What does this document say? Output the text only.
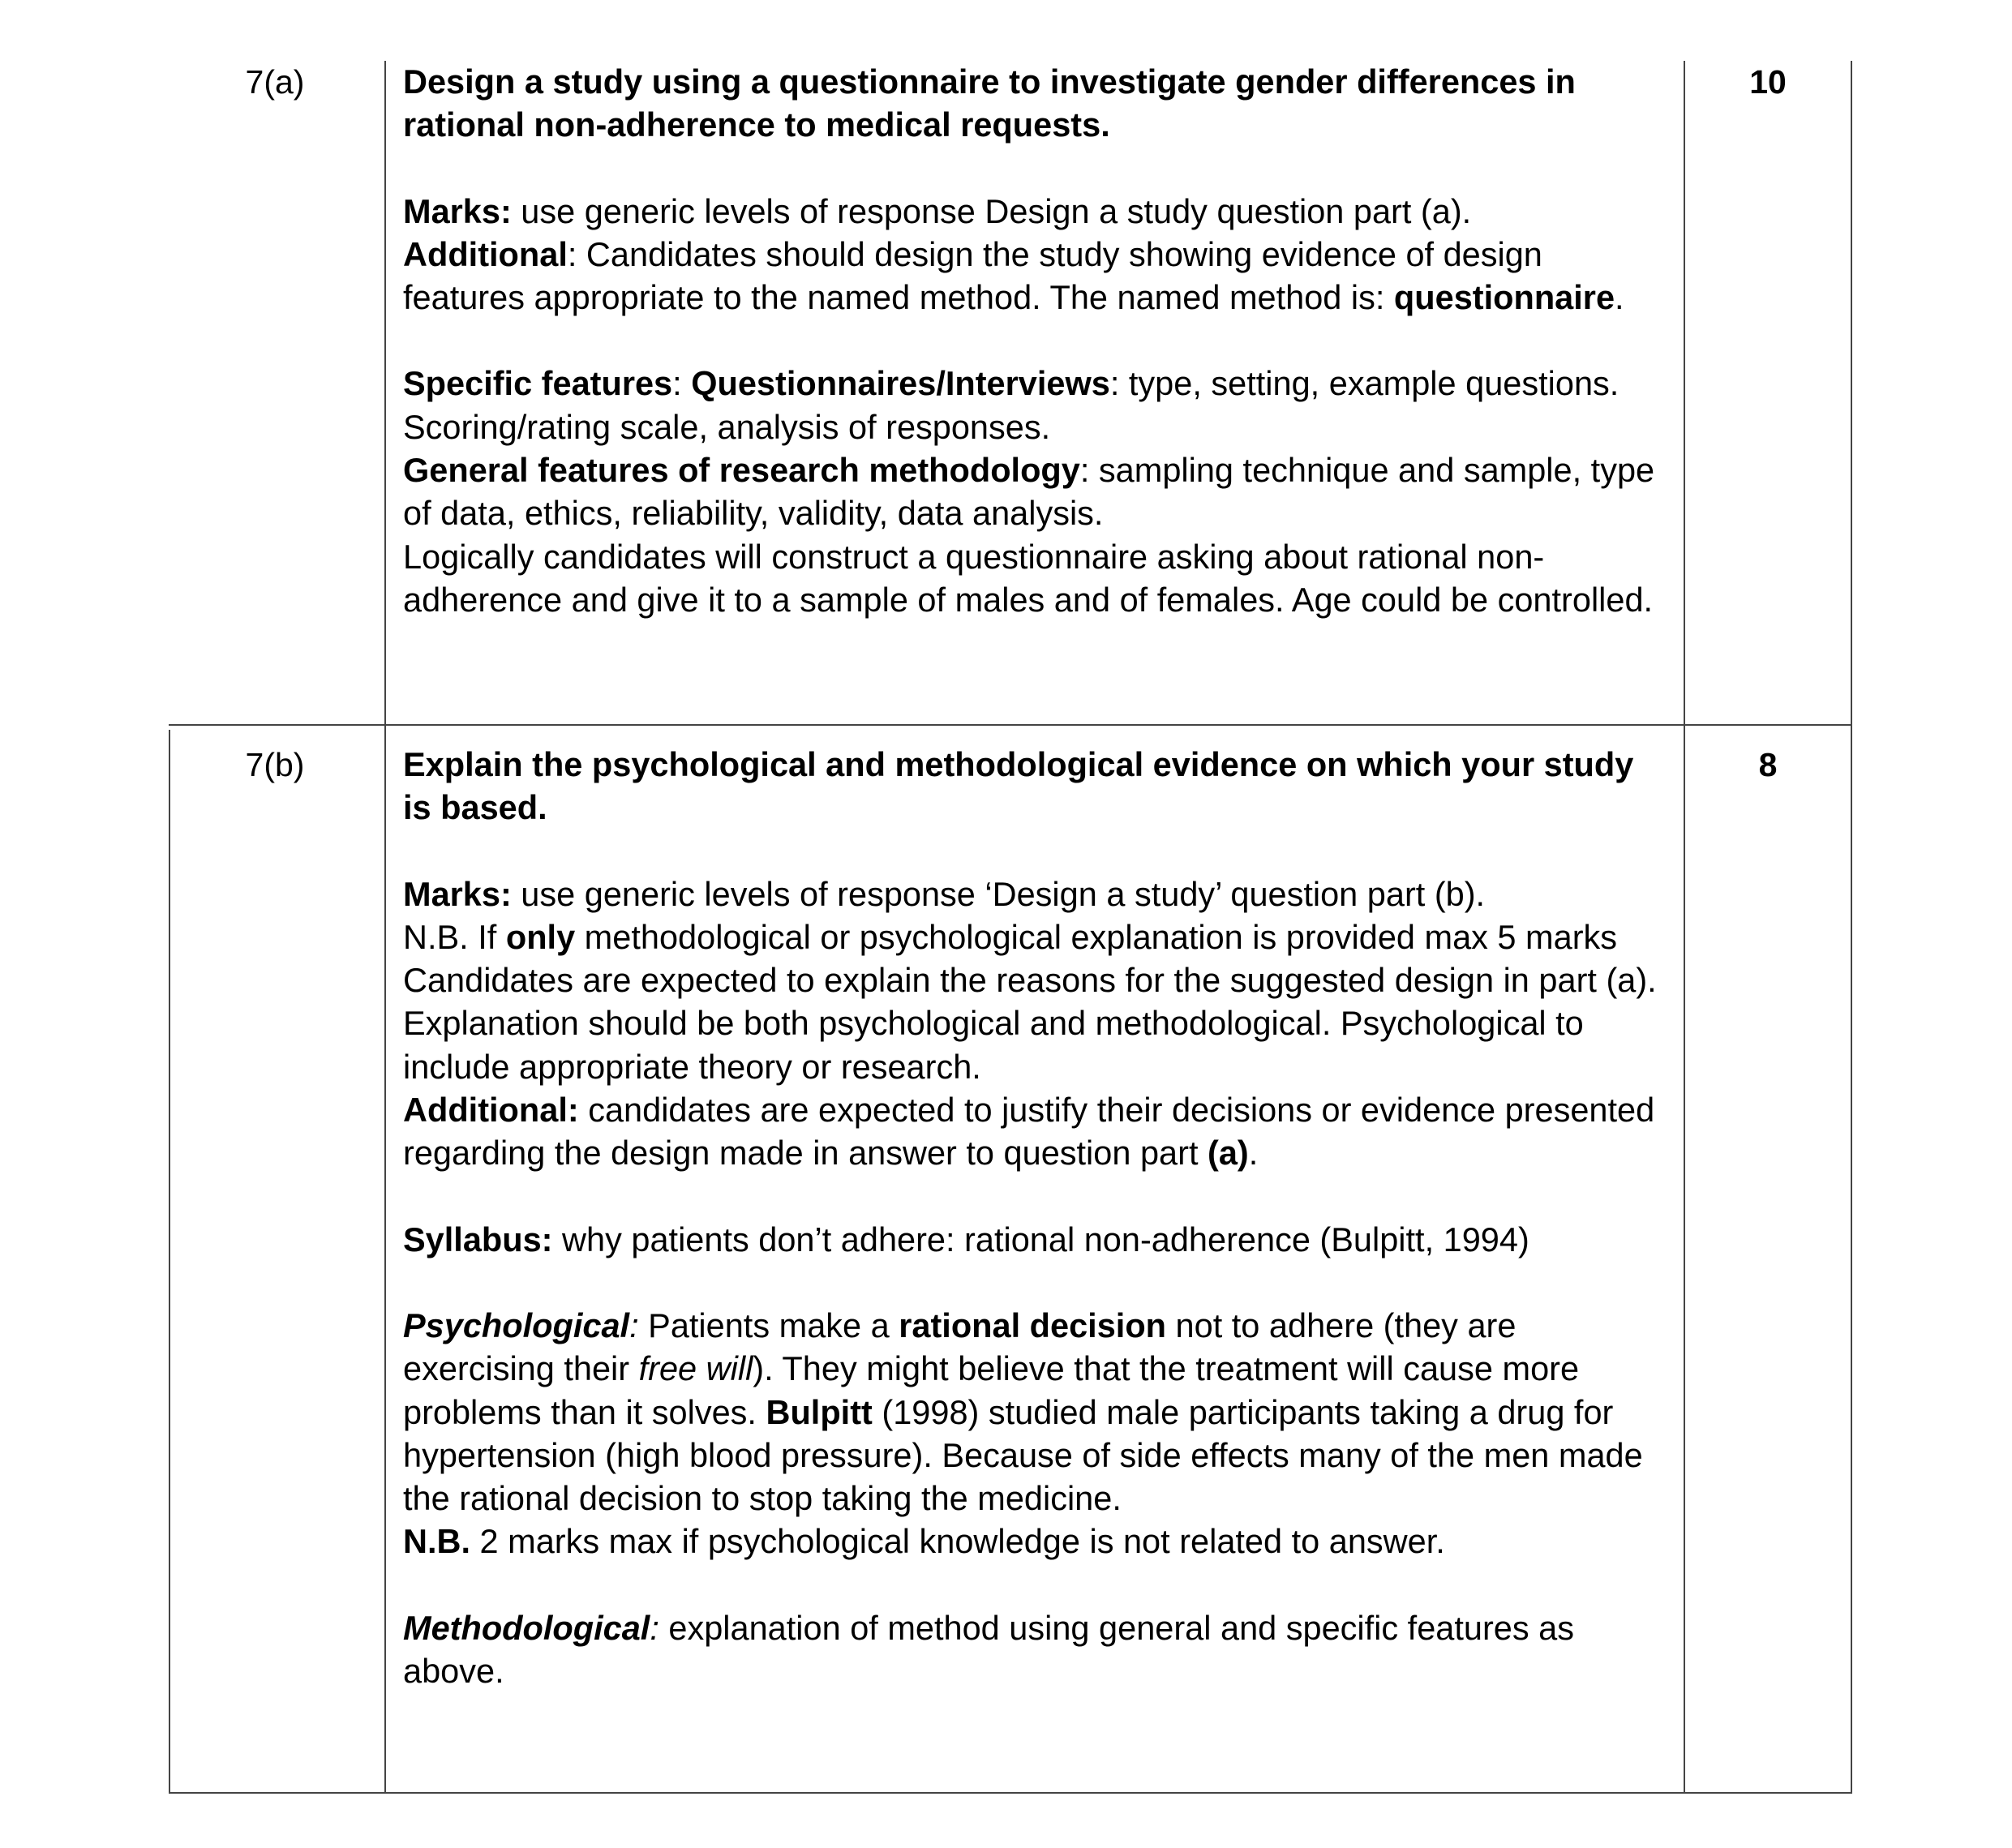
7(a)	10

Design a study using a questionnaire to investigate gender differences in rational non-adherence to medical requests.

Marks: use generic levels of response Design a study question part (a).

Additional: Candidates should design the study showing evidence of design features appropriate to the named method. The named method is: questionnaire.

Specific features: Questionnaires/Interviews: type, setting, example questions. Scoring/rating scale, analysis of responses.

General features of research methodology: sampling technique and sample, type of data, ethics, reliability, validity, data analysis.

Logically candidates will construct a questionnaire asking about rational non-adherence and give it to a sample of males and of females. Age could be controlled.

7(b)	8

Explain the psychological and methodological evidence on which your study is based.

Marks: use generic levels of response ‘Design a study’ question part (b).

N.B. If only methodological or psychological explanation is provided max 5 marks

Candidates are expected to explain the reasons for the suggested design in part (a). Explanation should be both psychological and methodological. Psychological to include appropriate theory or research.

Additional: candidates are expected to justify their decisions or evidence presented regarding the design made in answer to question part (a).

Syllabus: why patients don’t adhere: rational non-adherence (Bulpitt, 1994)

Psychological: Patients make a rational decision not to adhere (they are exercising their free will). They might believe that the treatment will cause more problems than it solves. Bulpitt (1998) studied male participants taking a drug for hypertension (high blood pressure). Because of side effects many of the men made the rational decision to stop taking the medicine.

N.B. 2 marks max if psychological knowledge is not related to answer.

Methodological: explanation of method using general and specific features as above.
